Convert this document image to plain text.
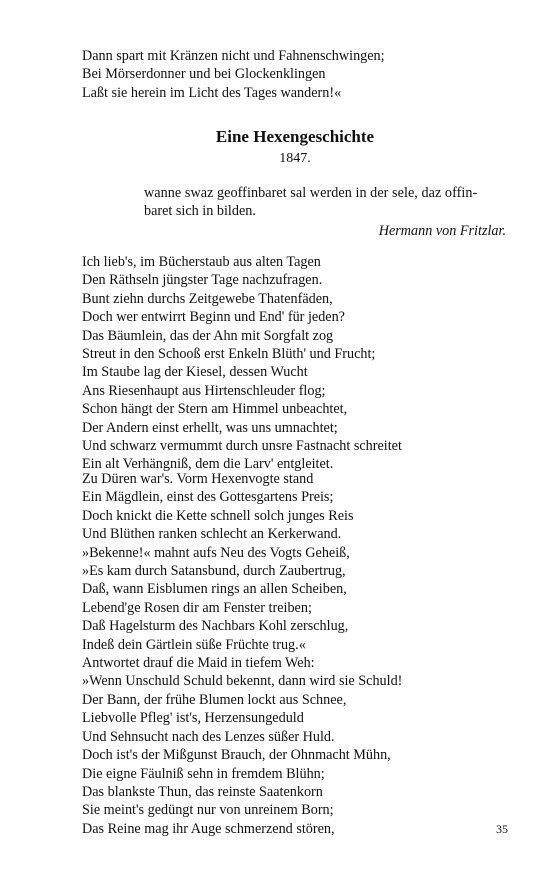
Dann spart mit Kränzen nicht und Fahnenschwingen;
Bei Mörserdonner und bei Glockenklingen
Laßt sie herein im Licht des Tages wandern!«
Eine Hexengeschichte
1847.
wanne swaz geoffinbaret sal werden in der sele, daz offin-
baret sich in bilden.
Hermann von Fritzlar.
Ich lieb's, im Bücherstaub aus alten Tagen
Den Räthseln jüngster Tage nachzufragen.
Bunt ziehn durchs Zeitgewebe Thatenfäden,
Doch wer entwirrt Beginn und End' für jeden?
Das Bäumlein, das der Ahn mit Sorgfalt zog
Streut in den Schooß erst Enkeln Blüth' und Frucht;
Im Staube lag der Kiesel, dessen Wucht
Ans Riesenhaupt aus Hirtenschleuder flog;
Schon hängt der Stern am Himmel unbeachtet,
Der Andern einst erhellt, was uns umnachtet;
Und schwarz vermummt durch unsre Fastnacht schreitet
Ein alt Verhängniß, dem die Larv' entgleitet.
Zu Düren war's. Vorm Hexenvogte stand
Ein Mägdlein, einst des Gottesgartens Preis;
Doch knickt die Kette schnell solch junges Reis
Und Blüthen ranken schlecht an Kerkerwand.
»Bekenne!« mahnt aufs Neu des Vogts Geheiß,
»Es kam durch Satansbund, durch Zaubertrug,
Daß, wann Eisblumen rings an allen Scheiben,
Lebend'ge Rosen dir am Fenster treiben;
Daß Hagelsturm des Nachbars Kohl zerschlug,
Indeß dein Gärtlein süße Früchte trug.«
Antwortet drauf die Maid in tiefem Weh:
»Wenn Unschuld Schuld bekennt, dann wird sie Schuld!
Der Bann, der frühe Blumen lockt aus Schnee,
Liebvolle Pfleg' ist's, Herzensungeduld
Und Sehnsucht nach des Lenzes süßer Huld.
Doch ist's der Mißgunst Brauch, der Ohnmacht Mühn,
Die eigne Fäulniß sehn in fremdem Blühn;
Das blankste Thun, das reinste Saatenkorn
Sie meint's gedüngt nur von unreinem Born;
Das Reine mag ihr Auge schmerzend stören,	35
